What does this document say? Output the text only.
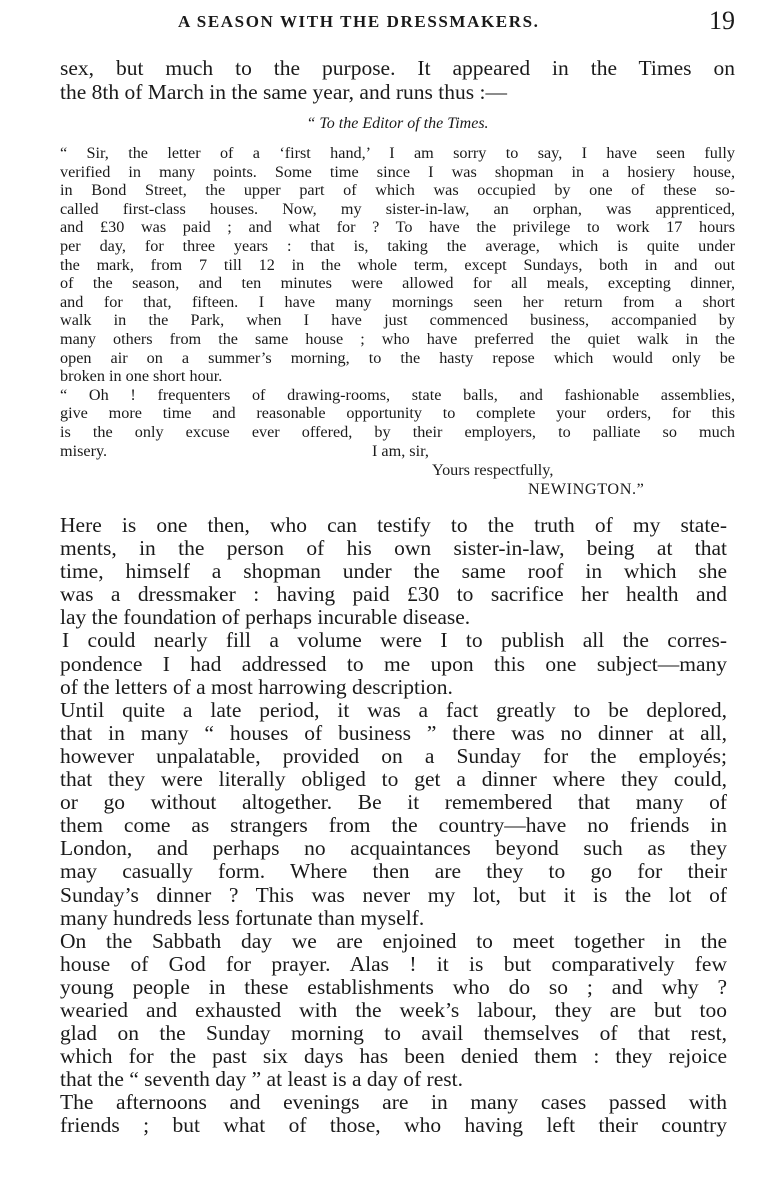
A SEASON WITH THE DRESSMAKERS.	19
sex, but much to the purpose. It appeared in the Times on
the 8th of March in the same year, and runs thus :—
“ To the Editor of the Times.
“ Sir, the letter of a ‘first hand,’ I am sorry to say, I have seen fully
verified in many points. Some time since I was shopman in a hosiery house,
in Bond Street, the upper part of which was occupied by one of these so-
called first-class houses. Now, my sister-in-law, an orphan, was apprenticed,
and £30 was paid ; and what for ? To have the privilege to work 17 hours
per day, for three years : that is, taking the average, which is quite under
the mark, from 7 till 12 in the whole term, except Sundays, both in and out
of the season, and ten minutes were allowed for all meals, excepting dinner,
and for that, fifteen. I have many mornings seen her return from a short
walk in the Park, when I have just commenced business, accompanied by
many others from the same house ; who have preferred the quiet walk in the
open air on a summer’s morning, to the hasty repose which would only be
broken in one short hour.
“ Oh ! frequenters of drawing-rooms, state balls, and fashionable assemblies,
give more time and reasonable opportunity to complete your orders, for this
is the only excuse ever offered, by their employers, to palliate so much
misery.	I am, sir,
Yours respectfully,
NEWINGTON.”
Here is one then, who can testify to the truth of my state-
ments, in the person of his own sister-in-law, being at that
time, himself a shopman under the same roof in which she
was a dressmaker : having paid £30 to sacrifice her health and
lay the foundation of perhaps incurable disease.
I could nearly fill a volume were I to publish all the corres-
pondence I had addressed to me upon this one subject—many
of the letters of a most harrowing description.
Until quite a late period, it was a fact greatly to be deplored,
that in many “ houses of business ” there was no dinner at all,
however unpalatable, provided on a Sunday for the employés;
that they were literally obliged to get a dinner where they could,
or go without altogether. Be it remembered that many of
them come as strangers from the country—have no friends in
London, and perhaps no acquaintances beyond such as they
may casually form. Where then are they to go for their
Sunday’s dinner ? This was never my lot, but it is the lot of
many hundreds less fortunate than myself.
On the Sabbath day we are enjoined to meet together in the
house of God for prayer. Alas ! it is but comparatively few
young people in these establishments who do so ; and why ?
wearied and exhausted with the week’s labour, they are but too
glad on the Sunday morning to avail themselves of that rest,
which for the past six days has been denied them : they rejoice
that the “ seventh day ” at least is a day of rest.
The afternoons and evenings are in many cases passed with
friends ; but what of those, who having left their country
